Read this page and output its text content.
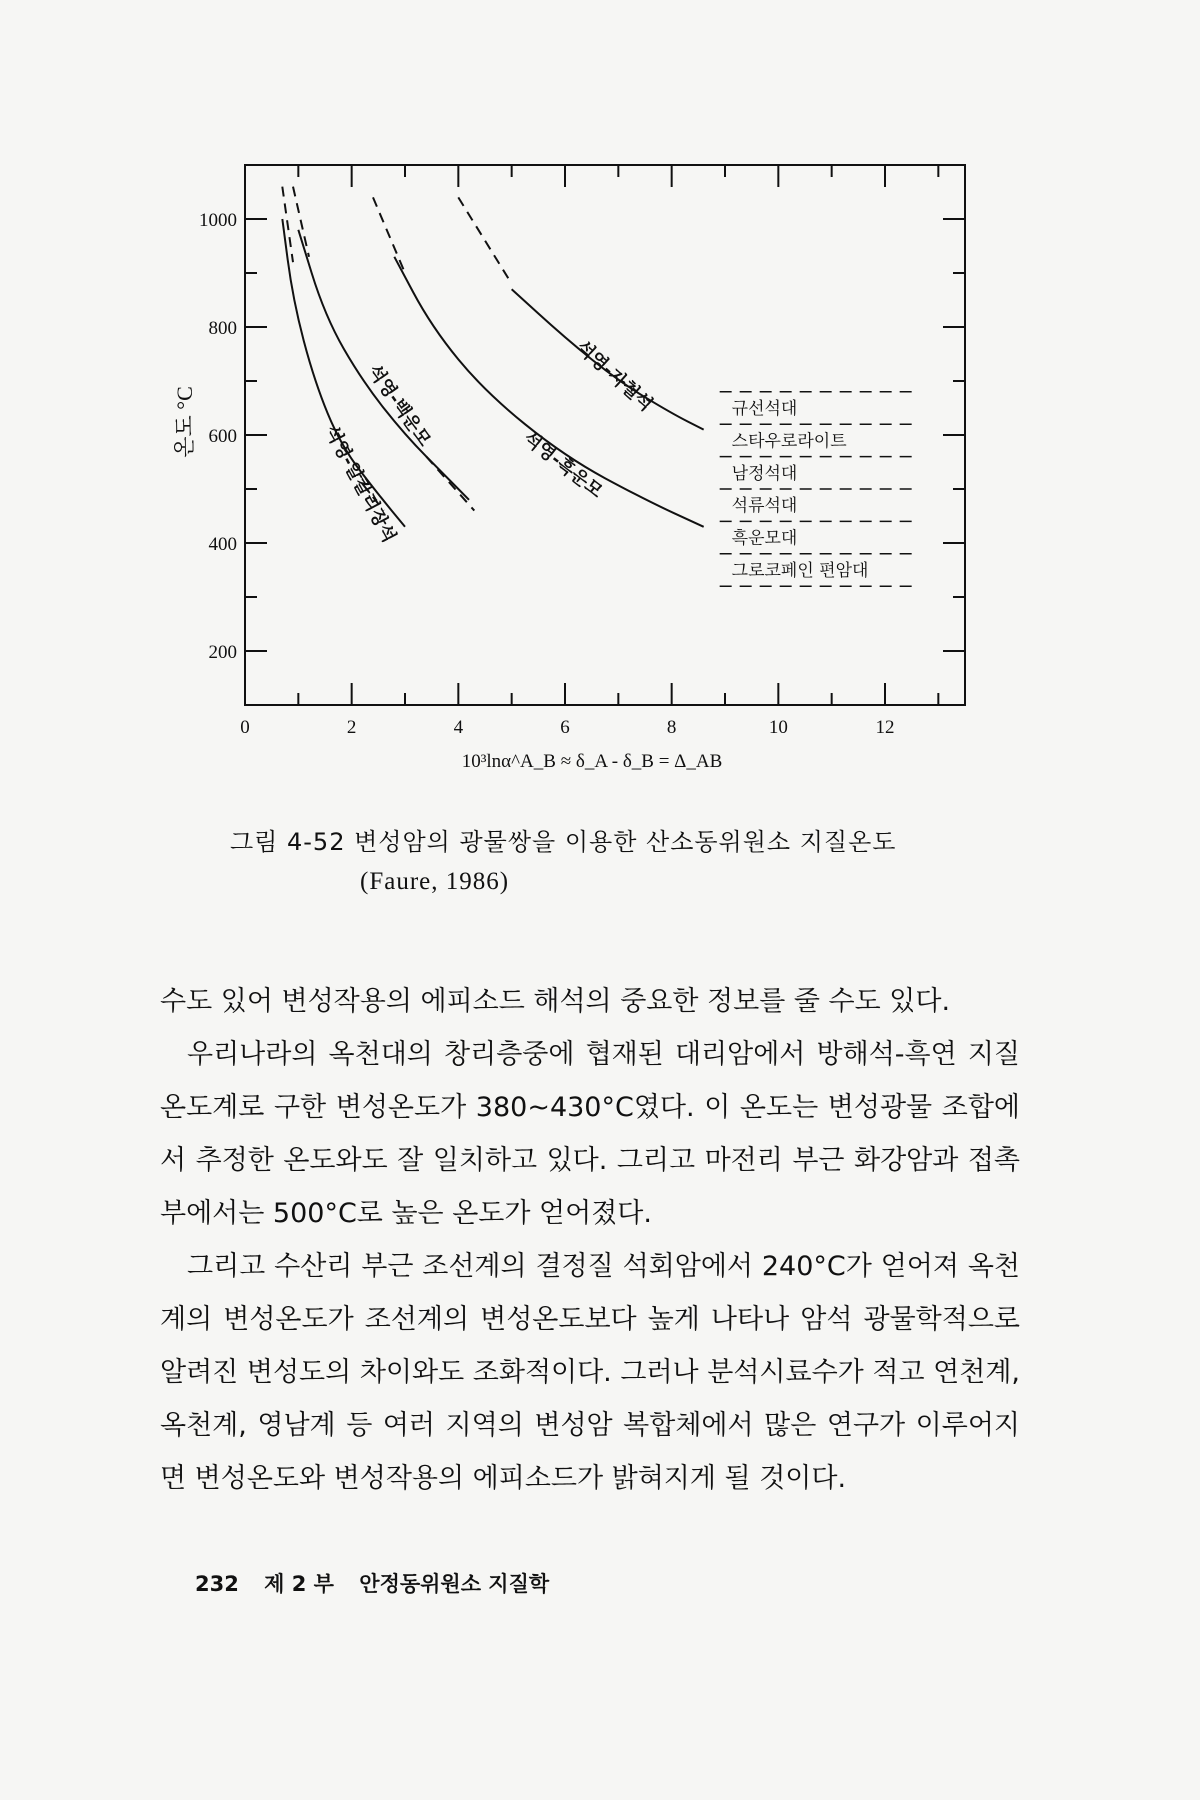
0	2	4	6	8	10	12
1000
800
600
400
200
석영-알칼리장석
석영-백운모
석영-흑운모
석영-자철석	규선석대
스타우로라이트
남정석대
석류석대
흑운모대
그로코페인 편암대
온도 °C
10³lnα^A_B ≈ δ_A - δ_B = Δ_AB
그림 4-52 변성암의 광물쌍을 이용한 산소동위원소 지질온도
(Faure, 1986)

수도 있어 변성작용의 에피소드 해석의 중요한 정보를 줄 수도 있다.

우리나라의 옥천대의 창리층중에 협재된 대리암에서 방해석-흑연 지질온도계로 구한 변성온도가 380~430°C였다. 이 온도는 변성광물 조합에서 추정한 온도와도 잘 일치하고 있다. 그리고 마전리 부근 화강암과 접촉부에서는 500°C로 높은 온도가 얻어졌다.

그리고 수산리 부근 조선계의 결정질 석회암에서 240°C가 얻어져 옥천계의 변성온도가 조선계의 변성온도보다 높게 나타나 암석 광물학적으로 알려진 변성도의 차이와도 조화적이다. 그러나 분석시료수가 적고 연천계, 옥천계, 영남계 등 여러 지역의 변성암 복합체에서 많은 연구가 이루어지면 변성온도와 변성작용의 에피소드가 밝혀지게 될 것이다.

232 제 2 부 안정동위원소 지질학
